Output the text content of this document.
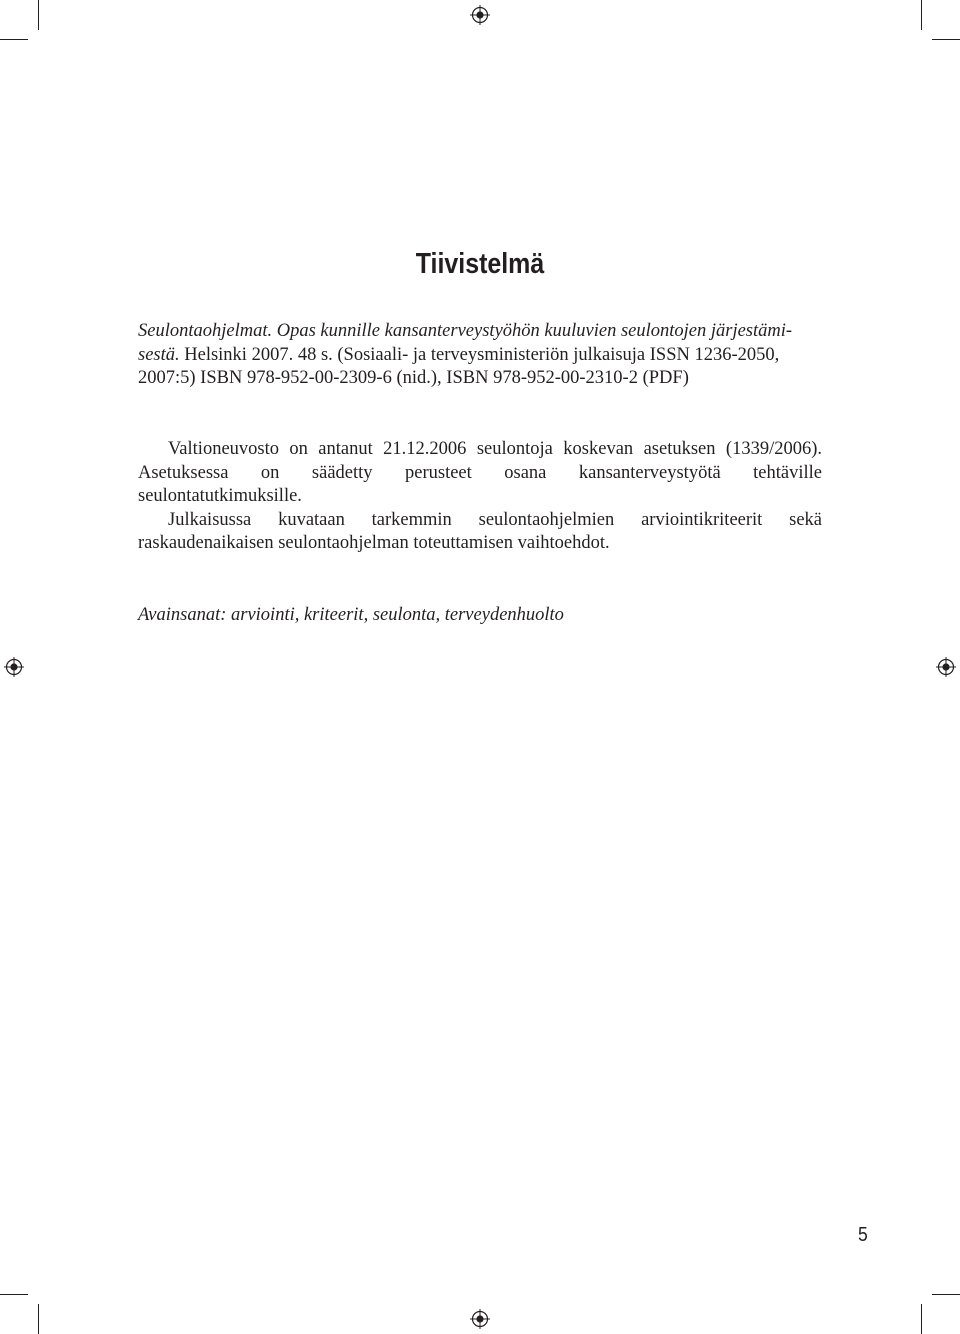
Tiivistelmä
Seulontaohjelmat. Opas kunnille kansanterveystyöhön kuuluvien seulontojen järjestämi-
sestä. Helsinki 2007. 48 s. (Sosiaali- ja terveysministeriön julkaisuja ISSN 1236-2050,
2007:5) ISBN 978-952-00-2309-6 (nid.), ISBN 978-952-00-2310-2 (PDF)

Valtioneuvosto on antanut 21.12.2006 seulontoja koskevan asetuksen (1339/2006). Asetuksessa on säädetty perusteet osana kansanterveystyötä tehtäville seulontatutkimuksille.

Julkaisussa kuvataan tarkemmin seulontaohjelmien arviointikriteerit sekä raskaudenaikaisen seulontaohjelman toteuttamisen vaihtoehdot.

Avainsanat: arviointi, kriteerit, seulonta, terveydenhuolto
5
